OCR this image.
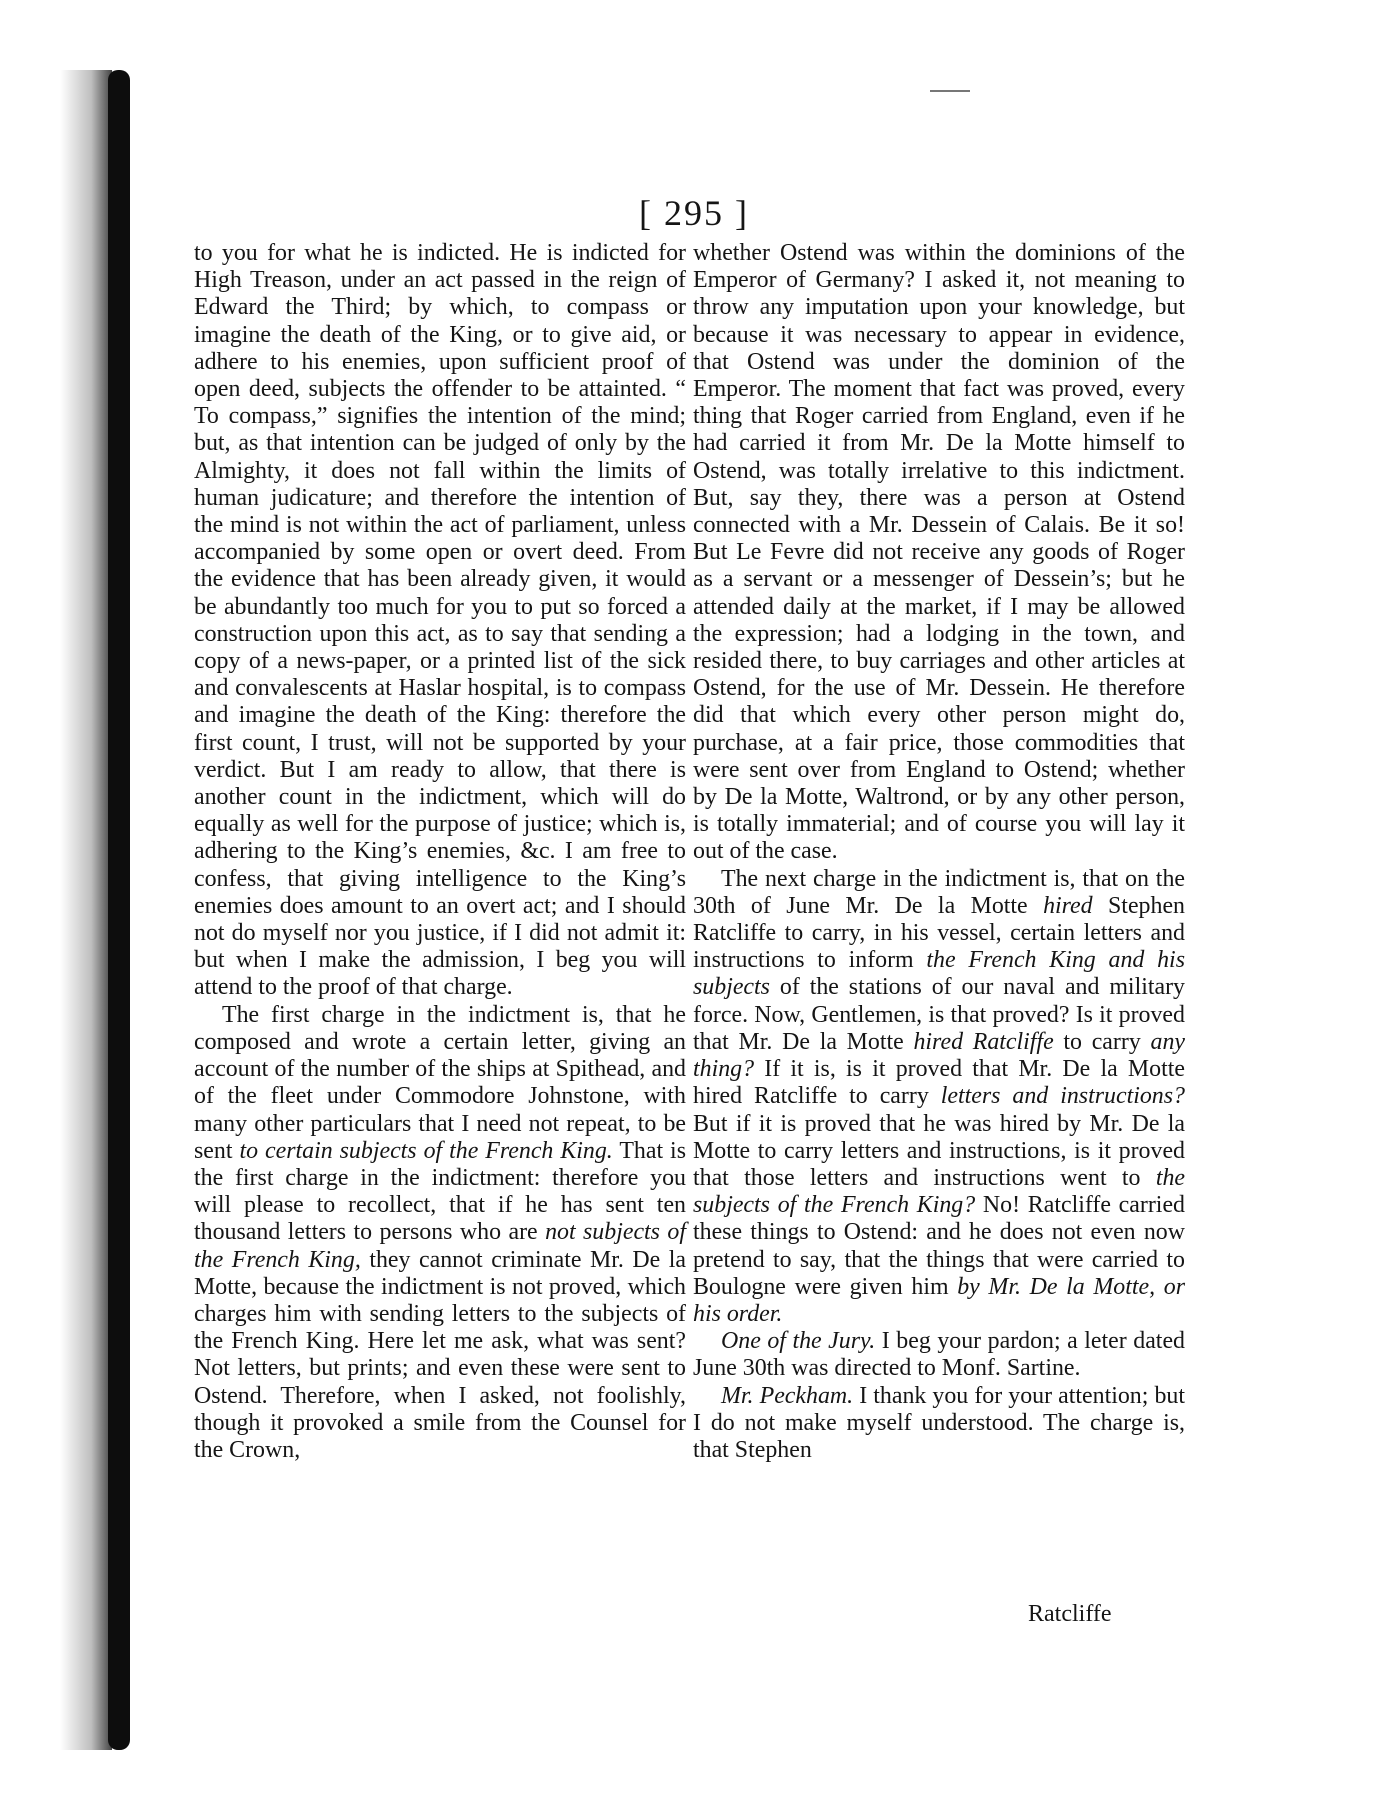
[ 295 ]

to you for what he is indicted. He is indicted for High Treason, under an act passed in the reign of Edward the Third; by which, to compass or imagine the death of the King, or to give aid, or adhere to his enemies, upon sufficient proof of open deed, subjects the offender to be attainted. “ To compass,” signifies the intention of the mind; but, as that intention can be judged of only by the Almighty, it does not fall within the limits of human judicature; and therefore the intention of the mind is not within the act of parliament, unless accompanied by some open or overt deed. From the evidence that has been already given, it would be abundantly too much for you to put so forced a construction upon this act, as to say that sending a copy of a news-paper, or a printed list of the sick and convalescents at Haslar hospital, is to compass and imagine the death of the King: therefore the first count, I trust, will not be supported by your verdict. But I am ready to allow, that there is another count in the indictment, which will do equally as well for the purpose of justice; which is, adhering to the King’s enemies, &c. I am free to confess, that giving intelligence to the King’s enemies does amount to an overt act; and I should not do myself nor you justice, if I did not admit it: but when I make the admission, I beg you will attend to the proof of that charge.

The first charge in the indictment is, that he composed and wrote a certain letter, giving an account of the number of the ships at Spithead, and of the fleet under Commodore Johnstone, with many other particulars that I need not repeat, to be sent to certain subjects of the French King. That is the first charge in the indictment: therefore you will please to recollect, that if he has sent ten thousand letters to persons who are not subjects of the French King, they cannot criminate Mr. De la Motte, because the indictment is not proved, which charges him with sending letters to the subjects of the French King. Here let me ask, what was sent? Not letters, but prints; and even these were sent to Ostend. Therefore, when I asked, not foolishly, though it provoked a smile from the Counsel for the Crown,

whether Ostend was within the dominions of the Emperor of Germany? I asked it, not meaning to throw any imputation upon your knowledge, but because it was necessary to appear in evidence, that Ostend was under the dominion of the Emperor. The moment that fact was proved, every thing that Roger carried from England, even if he had carried it from Mr. De la Motte himself to Ostend, was totally irrelative to this indictment. But, say they, there was a person at Ostend connected with a Mr. Dessein of Calais. Be it so! But Le Fevre did not receive any goods of Roger as a servant or a messenger of Dessein’s; but he attended daily at the market, if I may be allowed the expression; had a lodging in the town, and resided there, to buy carriages and other articles at Ostend, for the use of Mr. Dessein. He therefore did that which every other person might do, purchase, at a fair price, those commodities that were sent over from England to Ostend; whether by De la Motte, Waltrond, or by any other person, is totally immaterial; and of course you will lay it out of the case.

The next charge in the indictment is, that on the 30th of June Mr. De la Motte hired Stephen Ratcliffe to carry, in his vessel, certain letters and instructions to inform the French King and his subjects of the stations of our naval and military force. Now, Gentlemen, is that proved? Is it proved that Mr. De la Motte hired Ratcliffe to carry any thing? If it is, is it proved that Mr. De la Motte hired Ratcliffe to carry letters and instructions? But if it is proved that he was hired by Mr. De la Motte to carry letters and instructions, is it proved that those letters and instructions went to the subjects of the French King? No! Ratcliffe carried these things to Ostend: and he does not even now pretend to say, that the things that were carried to Boulogne were given him by Mr. De la Motte, or his order.

One of the Jury. I beg your pardon; a leter dated June 30th was directed to Monf. Sartine.

Mr. Peckham. I thank you for your attention; but I do not make myself understood. The charge is, that Stephen

Ratcliffe
